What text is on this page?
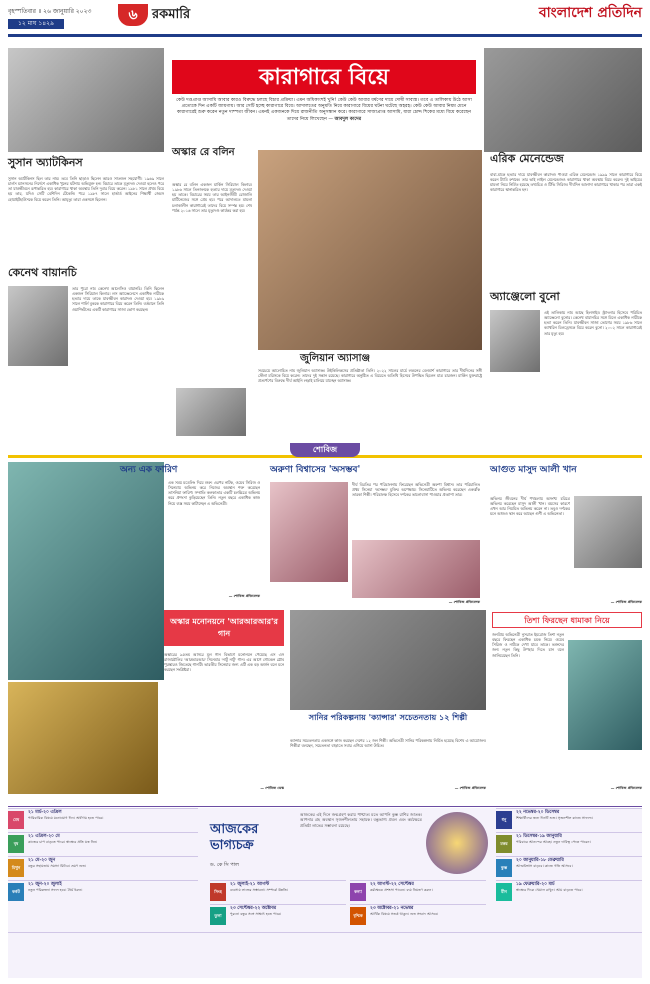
বৃহস্পতিবার ॥ ২৬ জানুয়ারি ২০২৩
১২ মাঘ ১৪২৯
৬	রকমারি	বাংলাদেশ প্রতিদিন
কারাগারে বিয়ে
কেউ দণ্ডপ্রাপ্ত আসামি আবার কারও বিরুদ্ধে চলছে বিচার প্রক্রিয়া। এমন অধিকাংশই খুনি! কেউ কেউ আবার ধর্ষণের দায়ে দোষী সাব্যস্ত। তবে এ তালিকায় উঠে আসা প্রত্যেকে দিন একটি জায়গায়। আর সেটি হচ্ছে কারাগারে বিয়ে। আদালতের অনুমতি নিয়ে কারাগারে বিয়ের ঘটনা ঘটেছে অহরহ। কেউ কেউ আবার নিয়ম মেনে কারাগারেই শুরু করেন নতুন দাম্পত্য জীবন। এমনই একজনকে দিয়ে রাজনীতি অনুসন্ধান করে। কারাগারে সাজাপ্রাপ্ত আসামি, যারা চোদ্দ শিকের মধ্যে বিয়ে করেছেন তাদের নিয়ে লিখেছেন — আবদুল কাদের
সুসান অ্যাটকিনস
সুসান অ্যাটকিনস ছিল তার নাম। তবে তিনি ছাড়াও ছিলেন আরও সাতজন সহযোগী। ১৯৬৯ সালে চার্লস ম্যানসনের নির্দেশে একাধিক খুনের ঘটনায় অভিযুক্ত হন। বিচারে তাকে মৃত্যুদণ্ড দেওয়া হলেও পরে তা যাবজ্জীবনে রূপান্তরিত হয়। কারাগারে থাকা অবস্থায় তিনি দুবার বিয়ে করেন। ১৯৮১ সালে প্রথম বিয়ে হয় তার, যদিও সেটি বেশিদিন টেকেনি। পরে ১৯৮৭ সালে হার্ভার্ড আইনের শিক্ষার্থী জেমস হোয়াইটহাউসকে বিয়ে করেন তিনি। আমৃত্যু তারা একসঙ্গে ছিলেন।
অস্কার রে বলিন
অস্কার রে বলিন একজন মার্কিন সিরিয়াল কিলার। ১৯৮৬ সালে তিনজনকে হত্যার দায়ে মৃত্যুদণ্ড দেওয়া হয় তাকে। বিচারের সময় তার আইনজীবী রোজালি মার্টিনেজের সঙ্গে প্রেম হয়। পরে আদালতে মামলা চলাকালীন কারাগারেই তাদের বিয়ে সম্পন্ন হয়। শেষ পর্যন্ত ২০১৬ সালে তার মৃত্যুদণ্ড কার্যকর করা হয়।
জুলিয়ান অ্যাসাঞ্জ
সবচেয়ে আলোচিত নাম জুলিয়ান অ্যাসাঞ্জ। উইকিলিকসের প্রতিষ্ঠাতা তিনি। ২০২২ সালের মার্চে লন্ডনের বেলমার্শ কারাগারে তার দীর্ঘদিনের সঙ্গী স্টেলা মরিসকে বিয়ে করেন। তাদের দুই সন্তান রয়েছে। কারাগারে অনুষ্ঠিত এ বিয়েতে অতিথি হিসেবে উপস্থিত ছিলেন মাত্র চারজন। মার্কিন যুক্তরাষ্ট্রে প্রত্যর্পণের বিরুদ্ধে দীর্ঘ আইনি লড়াই চালিয়ে যাচ্ছেন অ্যাসাঞ্জ।
কেনেথ বায়ানচি
তার পুরো নাম কেনেথ আলেসিও বায়ানচি। তিনি ছিলেন একজন সিরিয়াল কিলার। লস অ্যাঞ্জেলেসে একাধিক নারীকে হত্যার দায়ে তাকে যাবজ্জীবন কারাদণ্ড দেওয়া হয়। ১৯৮৯ সালে শার্লি বুককে কারাগারে বিয়ে করেন তিনি। বর্তমানে তিনি ওয়াশিংটনের একটি কারাগারে সাজা ভোগ করছেন।
এরিক মেনেন্ডেজ
বাবা-মাকে হত্যার দায়ে যাবজ্জীবন কারাদণ্ড পাওয়া এরিক মেনেন্ডেজ ১৯৯৯ সালে কারাগারে বিয়ে করেন ট্যামি রুথকে। তার ভাই লাইল মেনেন্ডেজও কারাগারে থাকা অবস্থায় বিয়ে করেন। দুই ভাইয়ের মামলা নিয়ে নির্মিত হয়েছে তথ্যচিত্র ও টিভি সিরিজ। দীর্ঘদিন আলাদা কারাগারে থাকার পর তারা একই কারাগারে স্থানান্তরিত হন।
অ্যাঞ্জেলো বুনো
এই তালিকায় নাম আছে হিলসাইড স্ট্র্যাংলার হিসেবে পরিচিত অ্যাঞ্জেলো বুনোর। কেনেথ বায়ানচির সঙ্গে মিলে একাধিক নারীকে হত্যা করেন তিনি। যাবজ্জীবন সাজা ভোগের সময় ১৯৮৬ সালে ক্যাথরিন চিলড্রেসকে বিয়ে করেন বুনো। ২০০২ সালে কারাগারেই তার মৃত্যু হয়।
শোবিজ
অন্য এক ফারিণ
এক সময় মডেলিং দিয়ে শুরু। এরপর নাটক, ওয়েব সিরিজ ও সিনেমায় অভিনয় করে নিজের অবস্থান শক্ত করেছেন তাসনিয়া ফারিণ। সম্প্রতি কলকাতার একটি চলচ্চিত্রে অভিনয় করে প্রশংসা কুড়িয়েছেন তিনি। নতুন বছরে একাধিক কাজ নিয়ে ব্যস্ত সময় কাটাচ্ছেন এ অভিনেত্রী।
— শোবিজ প্রতিবেদক
অরুণা বিশ্বাসের 'অসম্ভব'
দীর্ঘ বিরতির পর পরিচালনায় ফিরেছেন অভিনেত্রী অরুণা বিশ্বাস। তার পরিচালিত প্রথম সিনেমা 'অসম্ভব' মুক্তির অপেক্ষায়। সিনেমাটিতে অভিনয় করেছেন একঝাঁক তারকা শিল্পী। পরিচালক হিসেবে দর্শকের ভালোবাসা পাওয়ার প্রত্যাশা তার।
— শোবিজ প্রতিবেদক
আগুত মাসুদ আলী খান
অভিনয় জীবনের দীর্ঘ পথচলায় অসংখ্য চরিত্রে অভিনয় করেছেন মাসুদ আলী খান। বয়সের কারণে এখন আর নিয়মিত অভিনয় করেন না। তবুও দর্শকের মনে আজও স্থান করে আছেন গুণী এ অভিনেতা।
— শোবিজ প্রতিবেদক
অস্কার মনোনয়নে 'আরআরআর'র গান
অস্কারের ৯৫তম আসরে মূল গান বিভাগে মনোনয়ন পেয়েছে এস এস রাজামৌলির 'আরআরআর' সিনেমার 'নাটু নাটু' গান। এর আগে গোল্ডেন গ্লোব পুরস্কারও জিতেছে গানটি। ভারতীয় সিনেমার জন্য এটি এক বড় অর্জন বলে মনে করছেন সংশ্লিষ্টরা।
— শোবিজ ডেস্ক
সানির পরিকল্পনায় 'ক্যান্সার' সচেতনতায় ১২ শিল্পী
ক্যান্সার সচেতনতায় একসঙ্গে কাজ করছেন দেশের ১২ জন শিল্পী। অভিনেত্রী সানির পরিকল্পনায় নির্মিত হয়েছে বিশেষ এ আয়োজন। শিল্পীরা বলছেন, সচেতনতা বাড়াতে সবার এগিয়ে আসা উচিত।
— শোবিজ প্রতিবেদক
তিশা ফিরছেন ধামাকা নিয়ে
জনপ্রিয় অভিনেত্রী নুসরাত ইমরোজ তিশা নতুন বছরে ফিরছেন একাধিক চমক নিয়ে। ওয়েব সিরিজ ও নাটকে দেখা যাবে তাকে। ভক্তদের জন্য নতুন কিছু উপহার দিতে চান বলে জানিয়েছেন তিনি।
— শোবিজ প্রতিবেদক
আজকের ভাগ্যচক্র
ড. কে সি পাল
আজকের এই দিনে জন্মগ্রহণ করায় পাশ্চাত্য মতে আপনি কুম্ভ রাশির জাতক। আপনার গ্রহ অবস্থান সৃজনশীলতায় সহায়ক। বন্ধুভাগ্য প্রবল এবং কর্মক্ষেত্রে প্রতিষ্ঠা লাভের সম্ভাবনা রয়েছে।
মেষ
২১ মার্চ-২০ এপ্রিল
পারিবারিক বিষয়ে মনোযোগ দিন। অর্থাগম হতে পারে।
বৃষ
২১ এপ্রিল-২০ মে
কাজের চাপ বাড়তে পারে। স্বাস্থ্যের প্রতি যত্ন নিন।
মিথুন
২১ মে-২০ জুন
বন্ধুর সহায়তায় সমস্যা মিটবে। ভ্রমণ শুভ।
কর্কট
২১ জুন-২০ জুলাই
নতুন পরিকল্পনা সফল হবে। ধৈর্য ধরুন।	সিংহ
২১ জুলাই-২১ আগস্ট
ব্যবসায় লাভের সম্ভাবনা। সম্পর্কে উন্নতি।	কন্যা
২২ আগস্ট-২২ সেপ্টেম্বর
কর্মক্ষেত্রে প্রশংসা পাবেন। ব্যয় নিয়ন্ত্রণ করুন।
তুলা
২৩ সেপ্টেম্বর-২২ অক্টোবর
পুরনো বন্ধুর সঙ্গে সাক্ষাৎ হতে পারে।	বৃশ্চিক
২৩ অক্টোবর-২১ নভেম্বর
আর্থিক বিষয়ে সতর্ক থাকুন। শুভ সংবাদ আসবে।
ধনু
২২ নভেম্বর-২০ ডিসেম্বর
শিক্ষার্থীদের জন্য দিনটি শুভ। সৃজনশীল কাজে সাফল্য।
মকর
২১ ডিসেম্বর-১৯ জানুয়ারি
পরিবারে আনন্দের আবহ। নতুন দায়িত্ব পেতে পারেন।
কুম্ভ
২০ জানুয়ারি-১৮ ফেব্রুয়ারি
আত্মবিশ্বাস বাড়বে। কাজে গতি আসবে।
মীন
১৯ ফেব্রুয়ারি-২০ মার্চ
স্বাস্থ্যের দিকে খেয়াল রাখুন। আয় বাড়তে পারে।
